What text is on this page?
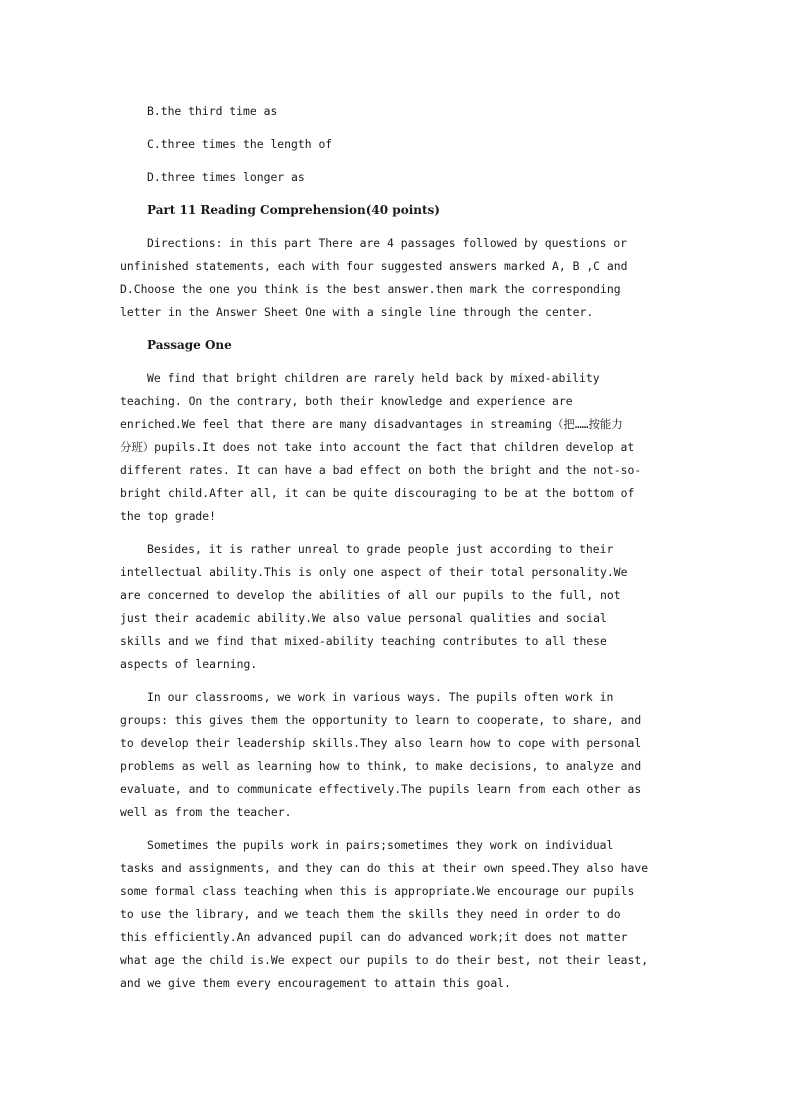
B.the third time as
C.three times the length of
D.three times longer as
Part 11 Reading Comprehension(40 points)
Directions: in this part There are 4 passages followed by questions or
unfinished statements, each with four suggested answers marked A, B ,C and
D.Choose the one you think is the best answer.then mark the corresponding
letter in the Answer Sheet One with a single line through the center.
Passage One
We find that bright children are rarely held back by mixed-ability
teaching. On the contrary, both their knowledge and experience are
enriched.We feel that there are many disadvantages in streaming（把……按能力
分班）pupils.It does not take into account the fact that children develop at
different rates. It can have a bad effect on both the bright and the not-so-
bright child.After all, it can be quite discouraging to be at the bottom of
the top grade!
Besides, it is rather unreal to grade people just according to their
intellectual ability.This is only one aspect of their total personality.We
are concerned to develop the abilities of all our pupils to the full, not
just their academic ability.We also value personal qualities and social
skills and we find that mixed-ability teaching contributes to all these
aspects of learning.
In our classrooms, we work in various ways. The pupils often work in
groups: this gives them the opportunity to learn to cooperate, to share, and
to develop their leadership skills.They also learn how to cope with personal
problems as well as learning how to think, to make decisions, to analyze and
evaluate, and to communicate effectively.The pupils learn from each other as
well as from the teacher.
Sometimes the pupils work in pairs;sometimes they work on individual
tasks and assignments, and they can do this at their own speed.They also have
some formal class teaching when this is appropriate.We encourage our pupils
to use the library, and we teach them the skills they need in order to do
this efficiently.An advanced pupil can do advanced work;it does not matter
what age the child is.We expect our pupils to do their best, not their least,
and we give them every encouragement to attain this goal.
